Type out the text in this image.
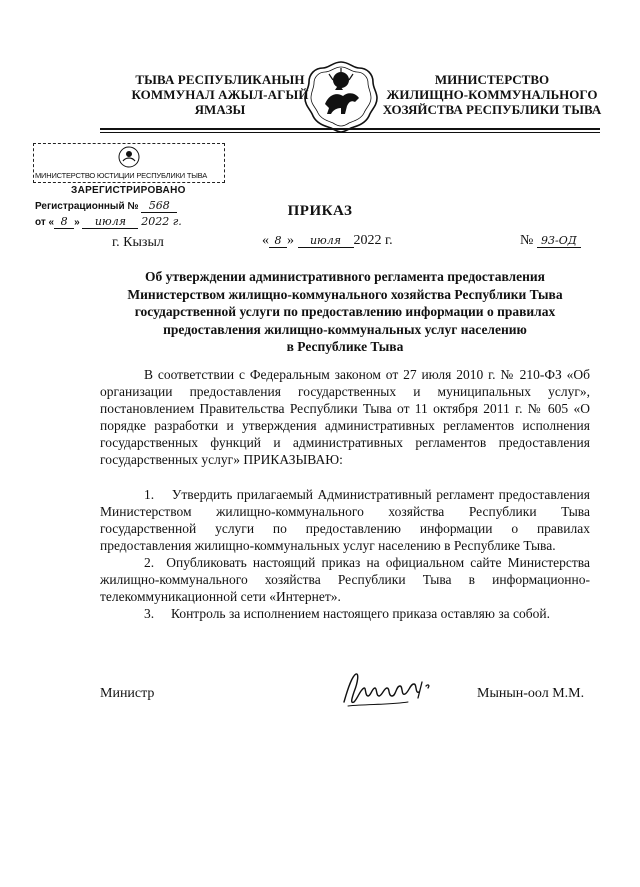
ТЫВА РЕСПУБЛИКАНЫН
КОММУНАЛ АЖЫЛ-АГЫЙ
ЯМАЗЫ
МИНИСТЕРСТВО
ЖИЛИЩНО-КОММУНАЛЬНОГО
ХОЗЯЙСТВА РЕСПУБЛИКИ ТЫВА
МИНИСТЕРСТВО ЮСТИЦИИ РЕСПУБЛИКИ ТЫВА
ЗАРЕГИСТРИРОВАНО
Регистрационный № 568
от « 8 » июля 2022 г.
ПРИКАЗ
г. Кызыл	« 8 » июля 2022 г.	№ 93-ОД
Об утверждении административного регламента предоставления
Министерством жилищно-коммунального хозяйства Республики Тыва
государственной услуги по предоставлению информации о правилах
предоставления жилищно-коммунальных услуг населению
в Республике Тыва

В соответствии с Федеральным законом от 27 июля 2010 г. № 210-ФЗ «Об организации предоставления государственных и муниципальных услуг», постановлением Правительства Республики Тыва от 11 октября 2011 г. № 605 «О порядке разработки и утверждения административных регламентов исполнения государственных функций и административных регламентов предоставления государственных услуг» ПРИКАЗЫВАЮ:

1.    Утвердить прилагаемый Административный регламент предоставления Министерством жилищно-коммунального хозяйства Республики Тыва государственной услуги по предоставлению информации о правилах предоставления жилищно-коммунальных услуг населению в Республике Тыва.

2.  Опубликовать настоящий приказ на официальном сайте Министерства жилищно-коммунального хозяйства Республики Тыва в информационно-телекоммуникационной сети «Интернет».

3.     Контроль за исполнением настоящего приказа оставляю за собой.

Министр	Мынын-оол М.М.
